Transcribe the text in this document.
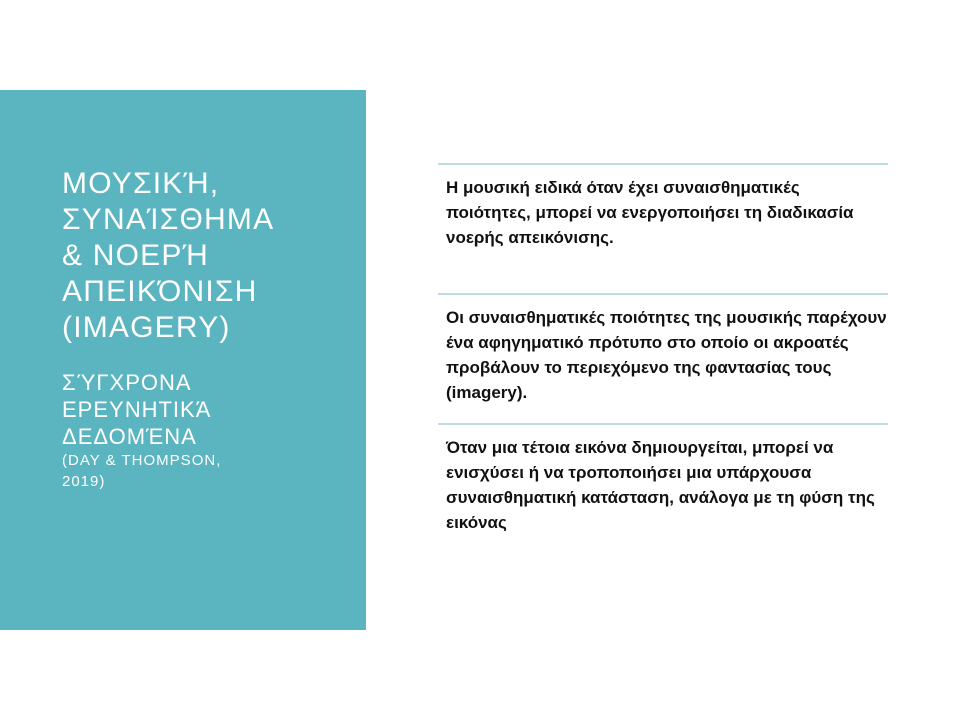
ΜΟΥΣΙΚΉ,
ΣΥΝΑΊΣΘΗΜΑ
& ΝΟΕΡΉ
ΑΠΕΙΚΌΝΙΣΗ
(IMAGERY)
ΣΎΓΧΡΟΝΑ
ΕΡΕΥΝΗΤΙΚΆ
ΔΕΔΟΜΈΝΑ
(DAY & THOMPSON,
2019)
Η μουσική ειδικά όταν έχει συναισθηματικές ποιότητες, μπορεί να ενεργοποιήσει τη διαδικασία νοερής απεικόνισης.
Οι συναισθηματικές ποιότητες της μουσικής παρέχουν ένα αφηγηματικό πρότυπο στο οποίο οι ακροατές προβάλουν το περιεχόμενο της φαντασίας τους (imagery).
Όταν μια τέτοια εικόνα δημιουργείται, μπορεί να ενισχύσει ή να τροποποιήσει μια υπάρχουσα συναισθηματική κατάσταση, ανάλογα με τη φύση της εικόνας
